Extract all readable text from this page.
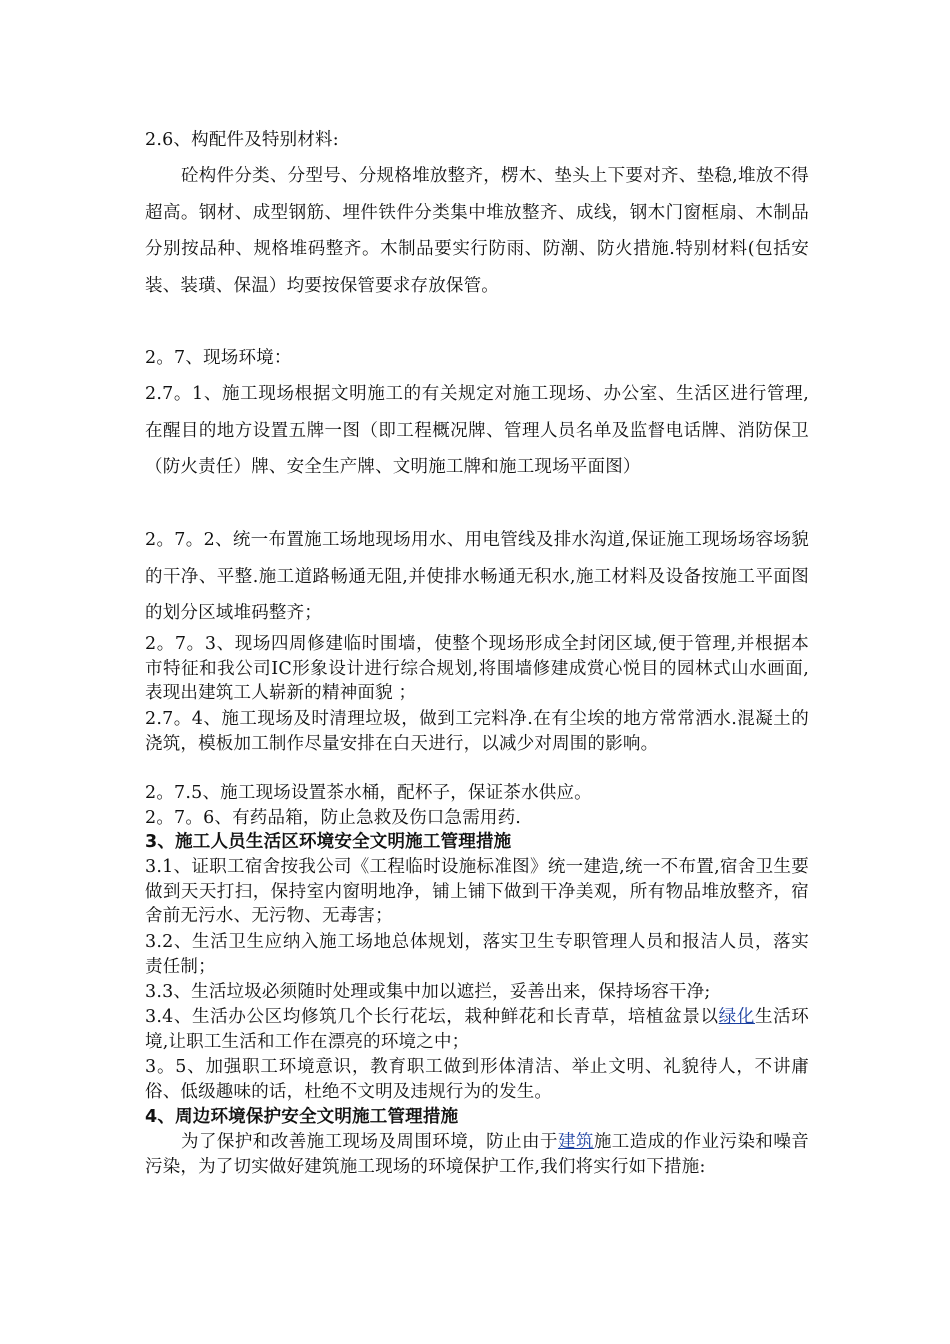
2.6、构配件及特别材料:

砼构件分类、分型号、分规格堆放整齐，楞木、垫头上下要对齐、垫稳,堆放不得超高。钢材、成型钢筋、埋件铁件分类集中堆放整齐、成线，钢木门窗框扇、木制品分别按品种、规格堆码整齐。木制品要实行防雨、防潮、防火措施.特别材料(包括安装、装璜、保温）均要按保管要求存放保管。

2。7、现场环境：

2.7。1、施工现场根据文明施工的有关规定对施工现场、办公室、生活区进行管理,在醒目的地方设置五牌一图（即工程概况牌、管理人员名单及监督电话牌、消防保卫（防火责任）牌、安全生产牌、文明施工牌和施工现场平面图）

2。7。2、统一布置施工场地现场用水、用电管线及排水沟道,保证施工现场场容场貌的干净、平整.施工道路畅通无阻,并使排水畅通无积水,施工材料及设备按施工平面图的划分区域堆码整齐；

2。7。3、现场四周修建临时围墙，使整个现场形成全封闭区域,便于管理,并根据本市特征和我公司IC形象设计进行综合规划,将围墙修建成赏心悦目的园林式山水画面,表现出建筑工人崭新的精神面貌 ；

2.7。4、施工现场及时清理垃圾，做到工完料净.在有尘埃的地方常常洒水.混凝土的浇筑，模板加工制作尽量安排在白天进行，以减少对周围的影响。

2。7.5、施工现场设置茶水桶，配杯子，保证茶水供应。

2。7。6、有药品箱，防止急救及伤口急需用药.

3、施工人员生活区环境安全文明施工管理措施

3.1、证职工宿舍按我公司《工程临时设施标准图》统一建造,统一不布置,宿舍卫生要做到天天打扫，保持室内窗明地净，铺上铺下做到干净美观，所有物品堆放整齐，宿舍前无污水、无污物、无毒害；

3.2、生活卫生应纳入施工场地总体规划，落实卫生专职管理人员和报洁人员，落实责任制；

3.3、生活垃圾必须随时处理或集中加以遮拦，妥善出来，保持场容干净;

3.4、生活办公区均修筑几个长行花坛，栽种鲜花和长青草，培植盆景以绿化生活环境,让职工生活和工作在漂亮的环境之中；

3。5、加强职工环境意识，教育职工做到形体清洁、举止文明、礼貌待人，不讲庸俗、低级趣味的话，杜绝不文明及违规行为的发生。

4、周边环境保护安全文明施工管理措施

为了保护和改善施工现场及周围环境，防止由于建筑施工造成的作业污染和噪音污染，为了切实做好建筑施工现场的环境保护工作,我们将实行如下措施:
